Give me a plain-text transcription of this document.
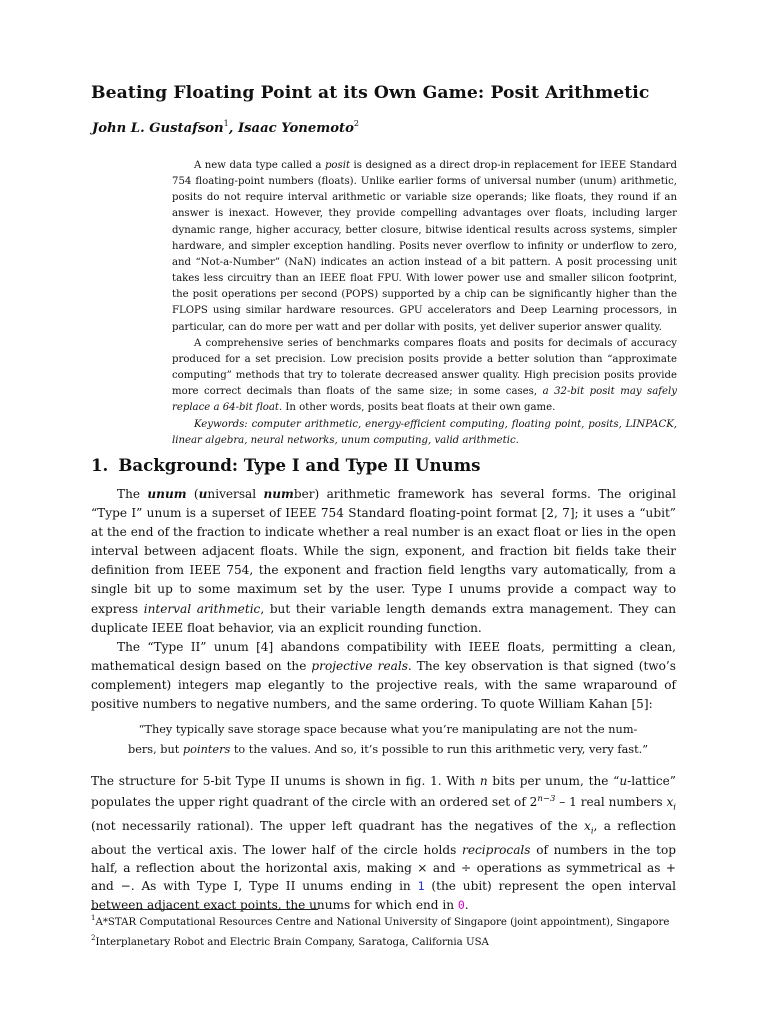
Beating Floating Point at its Own Game: Posit Arithmetic
John L. Gustafson$^1$, Isaac Yonemoto$^2$

A new data type called a posit is designed as a direct drop-in replacement for IEEE Standard 754 floating-point numbers (floats). Unlike earlier forms of universal number (unum) arithmetic, posits do not require interval arithmetic or variable size operands; like floats, they round if an answer is inexact. However, they provide compelling advantages over floats, including larger dynamic range, higher accuracy, better closure, bitwise identical results across systems, simpler hardware, and simpler exception handling. Posits never overflow to infinity or underflow to zero, and “Not-a-Number” (NaN) indicates an action instead of a bit pattern. A posit processing unit takes less circuitry than an IEEE float FPU. With lower power use and smaller silicon footprint, the posit operations per second (POPS) supported by a chip can be significantly higher than the FLOPS using similar hardware resources. GPU accelerators and Deep Learning processors, in particular, can do more per watt and per dollar with posits, yet deliver superior answer quality.

A comprehensive series of benchmarks compares floats and posits for decimals of accuracy produced for a set precision. Low precision posits provide a better solution than “approximate computing” methods that try to tolerate decreased answer quality. High precision posits provide more correct decimals than floats of the same size; in some cases, a 32-bit posit may safely replace a 64-bit float. In other words, posits beat floats at their own game.

Keywords: computer arithmetic, energy-efficient computing, floating point, posits, LINPACK, linear algebra, neural networks, unum computing, valid arithmetic.

1. Background: Type I and Type II Unums

The unum (universal number) arithmetic framework has several forms. The original “Type I” unum is a superset of IEEE 754 Standard floating-point format [2, 7]; it uses a “ubit” at the end of the fraction to indicate whether a real number is an exact float or lies in the open interval between adjacent floats. While the sign, exponent, and fraction bit fields take their definition from IEEE 754, the exponent and fraction field lengths vary automatically, from a single bit up to some maximum set by the user. Type I unums provide a compact way to express interval arithmetic, but their variable length demands extra management. They can duplicate IEEE float behavior, via an explicit rounding function.

The “Type II” unum [4] abandons compatibility with IEEE floats, permitting a clean, mathematical design based on the projective reals. The key observation is that signed (two’s complement) integers map elegantly to the projective reals, with the same wraparound of positive numbers to negative numbers, and the same ordering. To quote William Kahan [5]:

“They typically save storage space because what you’re manipulating are not the num-

bers, but pointers to the values. And so, it’s possible to run this arithmetic very, very fast.”

The structure for 5-bit Type II unums is shown in fig. 1. With n bits per unum, the “u-lattice” populates the upper right quadrant of the circle with an ordered set of $2^{n-3} - 1$ real numbers $x_i$ (not necessarily rational). The upper left quadrant has the negatives of the $x_i$, a reflection about the vertical axis. The lower half of the circle holds reciprocals of numbers in the top half, a reflection about the horizontal axis, making × and ÷ operations as symmetrical as + and −. As with Type I, Type II unums ending in 1 (the ubit) represent the open interval between adjacent exact points, the unums for which end in 0.

$^1$A*STAR Computational Resources Centre and National University of Singapore (joint appointment), Singapore

$^2$Interplanetary Robot and Electric Brain Company, Saratoga, California USA
